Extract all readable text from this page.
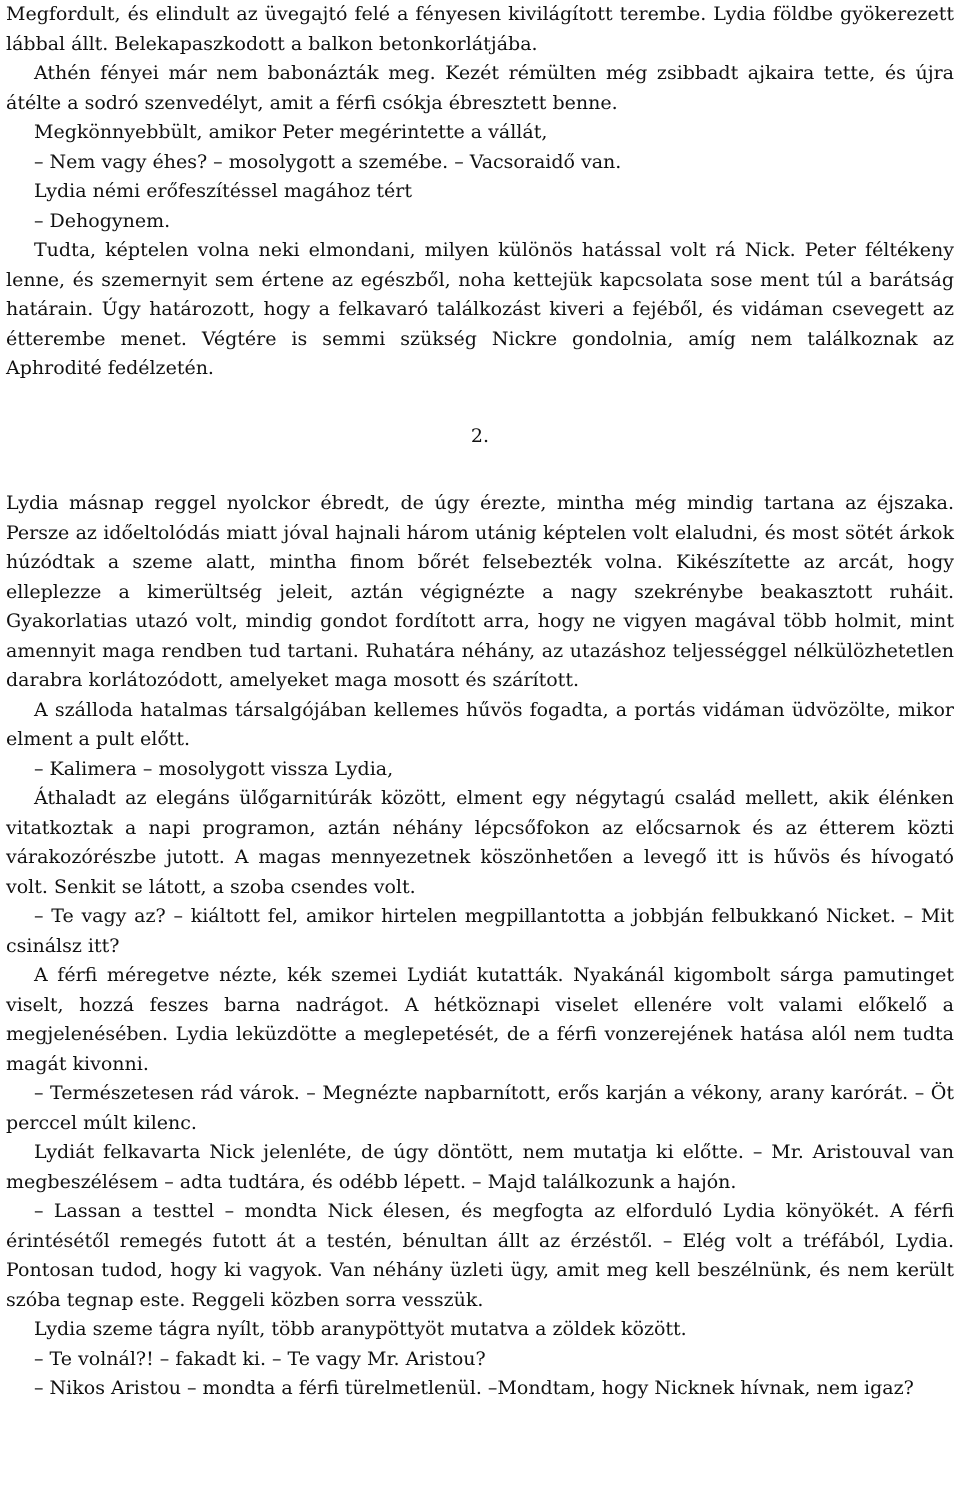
Megfordult, és elindult az üvegajtó felé a fényesen kivilágított terembe. Lydia földbe gyökerezett lábbal állt. Belekapaszkodott a balkon betonkorlátjába.

Athén fényei már nem babonázták meg. Kezét rémülten még zsibbadt ajkaira tette, és újra átélte a sodró szenvedélyt, amit a férfi csókja ébresztett benne.

Megkönnyebbült, amikor Peter megérintette a vállát,

– Nem vagy éhes? – mosolygott a szemébe. – Vacsoraidő van.

Lydia némi erőfeszítéssel magához tért

– Dehogynem.

Tudta, képtelen volna neki elmondani, milyen különös hatással volt rá Nick. Peter féltékeny lenne, és szemernyit sem értene az egészből, noha kettejük kapcsolata sose ment túl a barátság határain. Úgy határozott, hogy a felkavaró találkozást kiveri a fejéből, és vidáman csevegett az étterembe menet. Végtére is semmi szükség Nickre gondolnia, amíg nem találkoznak az Aphrodité fedélzetén.

2.

Lydia másnap reggel nyolckor ébredt, de úgy érezte, mintha még mindig tartana az éjszaka. Persze az időeltolódás miatt jóval hajnali három utánig képtelen volt elaludni, és most sötét árkok húzódtak a szeme alatt, mintha finom bőrét felsebezték volna. Kikészítette az arcát, hogy elleplezze a kimerültség jeleit, aztán végignézte a nagy szekrénybe beakasztott ruháit. Gyakorlatias utazó volt, mindig gondot fordított arra, hogy ne vigyen magával több holmit, mint amennyit maga rendben tud tartani. Ruhatára néhány, az utazáshoz teljességgel nélkülözhetetlen darabra korlátozódott, amelyeket maga mosott és szárított.

A szálloda hatalmas társalgójában kellemes hűvös fogadta, a portás vidáman üdvözölte, mikor elment a pult előtt.

– Kalimera – mosolygott vissza Lydia,

Áthaladt az elegáns ülőgarnitúrák között, elment egy négytagú család mellett, akik élénken vitatkoztak a napi programon, aztán néhány lépcsőfokon az előcsarnok és az étterem közti várakozórészbe jutott. A magas mennyezetnek köszönhetően a levegő itt is hűvös és hívogató volt. Senkit se látott, a szoba csendes volt.

– Te vagy az? – kiáltott fel, amikor hirtelen megpillantotta a jobbján felbukkanó Nicket. – Mit csinálsz itt?

A férfi méregetve nézte, kék szemei Lydiát kutatták. Nyakánál kigombolt sárga pamutinget viselt, hozzá feszes barna nadrágot. A hétköznapi viselet ellenére volt valami előkelő a megjelenésében. Lydia leküzdötte a meglepetését, de a férfi vonzerejének hatása alól nem tudta magát kivonni.

– Természetesen rád várok. – Megnézte napbarnított, erős karján a vékony, arany karórát. – Öt perccel múlt kilenc.

Lydiát felkavarta Nick jelenléte, de úgy döntött, nem mutatja ki előtte. – Mr. Aristouval van megbeszélésem – adta tudtára, és odébb lépett. – Majd találkozunk a hajón.

– Lassan a testtel – mondta Nick élesen, és megfogta az elforduló Lydia könyökét. A férfi érintésétől remegés futott át a testén, bénultan állt az érzéstől. – Elég volt a tréfából, Lydia. Pontosan tudod, hogy ki vagyok. Van néhány üzleti ügy, amit meg kell beszélnünk, és nem került szóba tegnap este. Reggeli közben sorra vesszük.

Lydia szeme tágra nyílt, több aranypöttyöt mutatva a zöldek között.

– Te volnál?! – fakadt ki. – Te vagy Mr. Aristou?

– Nikos Aristou – mondta a férfi türelmetlenül. –Mondtam, hogy Nicknek hívnak, nem igaz?
